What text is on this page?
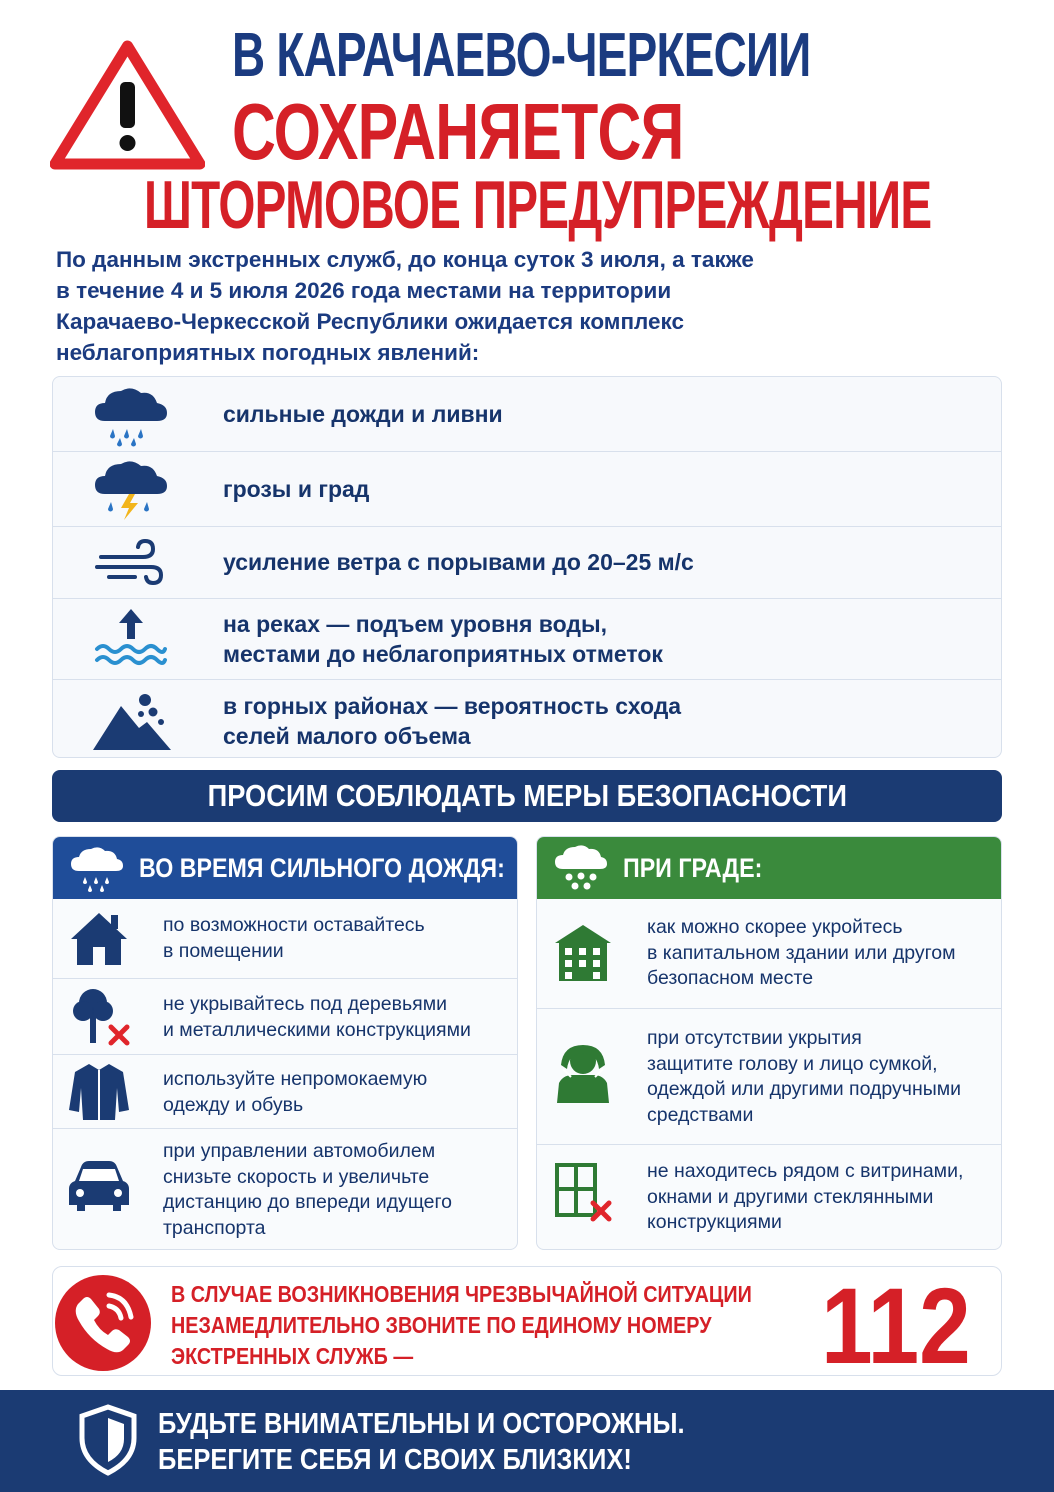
В КАРАЧАЕВО-ЧЕРКЕСИИ
СОХРАНЯЕТСЯ
ШТОРМОВОЕ ПРЕДУПРЕЖДЕНИЕ
По данным экстренных служб, до конца суток 3 июля, а также
в течение 4 и 5 июля 2026 года местами на территории
Карачаево-Черкесской Республики ожидается комплекс
неблагоприятных погодных явлений:
сильные дожди и ливни
грозы и град
усиление ветра с порывами до 20–25 м/с
на реках — подъем уровня воды,
местами до неблагоприятных отметок
в горных районах — вероятность схода
селей малого объема
ПРОСИМ СОБЛЮДАТЬ МЕРЫ БЕЗОПАСНОСТИ
ВО ВРЕМЯ СИЛЬНОГО ДОЖДЯ:
по возможности оставайтесь
в помещении
не укрывайтесь под деревьями
и металлическими конструкциями
используйте непромокаемую
одежду и обувь
при управлении автомобилем
снизьте скорость и увеличьте
дистанцию до впереди идущего
транспорта
ПРИ ГРАДЕ:
как можно скорее укройтесь
в капитальном здании или другом
безопасном месте
при отсутствии укрытия
защитите голову и лицо сумкой,
одеждой или другими подручными
средствами
не находитесь рядом с витринами,
окнами и другими стеклянными
конструкциями
В СЛУЧАЕ ВОЗНИКНОВЕНИЯ ЧРЕЗВЫЧАЙНОЙ СИТУАЦИИ
НЕЗАМЕДЛИТЕЛЬНО ЗВОНИТЕ ПО ЕДИНОМУ НОМЕРУ
ЭКСТРЕННЫХ СЛУЖБ —	112
БУДЬТЕ ВНИМАТЕЛЬНЫ И ОСТОРОЖНЫ.
БЕРЕГИТЕ СЕБЯ И СВОИХ БЛИЗКИХ!
